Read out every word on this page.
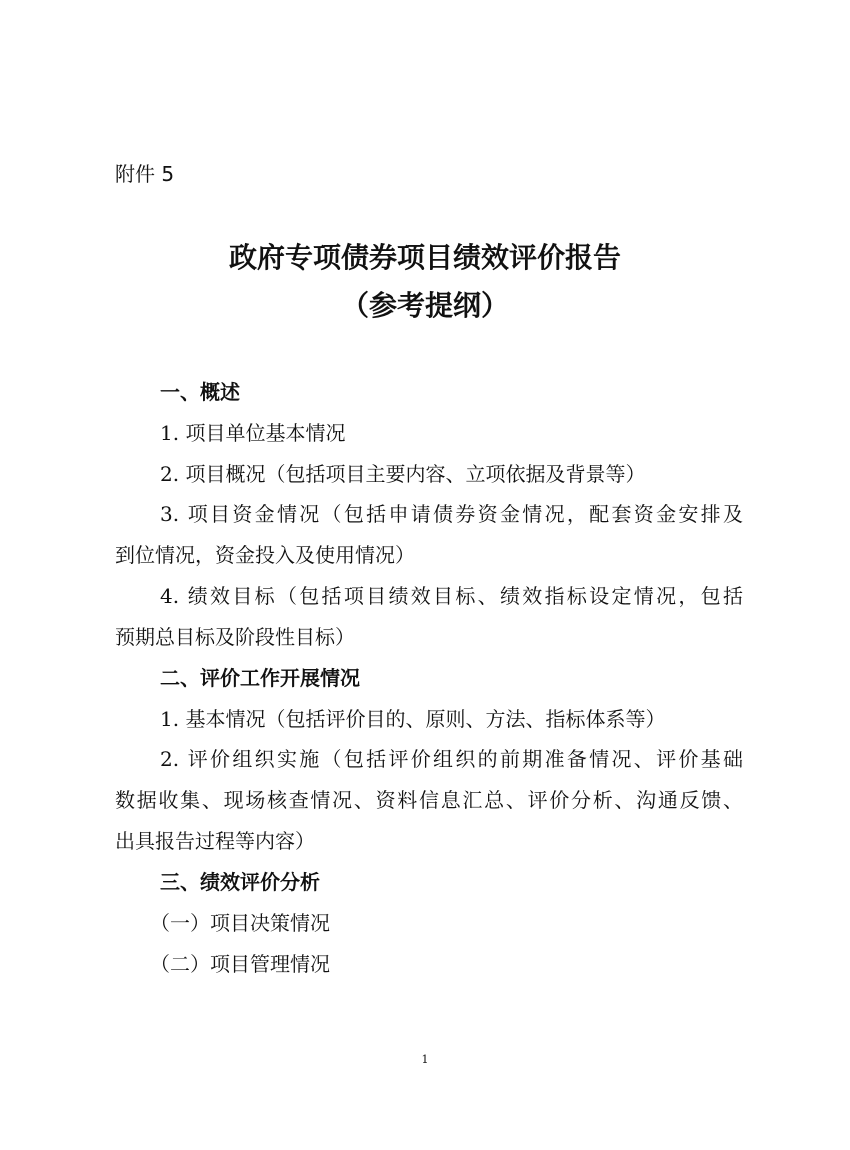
附件 5
政府专项债券项目绩效评价报告
（参考提纲）
一、概述
1. 项目单位基本情况
2. 项目概况（包括项目主要内容、立项依据及背景等）
3. 项目资金情况（包括申请债券资金情况，配套资金安排及
到位情况，资金投入及使用情况）
4. 绩效目标（包括项目绩效目标、绩效指标设定情况，包括
预期总目标及阶段性目标）
二、评价工作开展情况
1. 基本情况（包括评价目的、原则、方法、指标体系等）
2. 评价组织实施（包括评价组织的前期准备情况、评价基础
数据收集、现场核查情况、资料信息汇总、评价分析、沟通反馈、
出具报告过程等内容）
三、绩效评价分析
（一）项目决策情况
（二）项目管理情况
1
